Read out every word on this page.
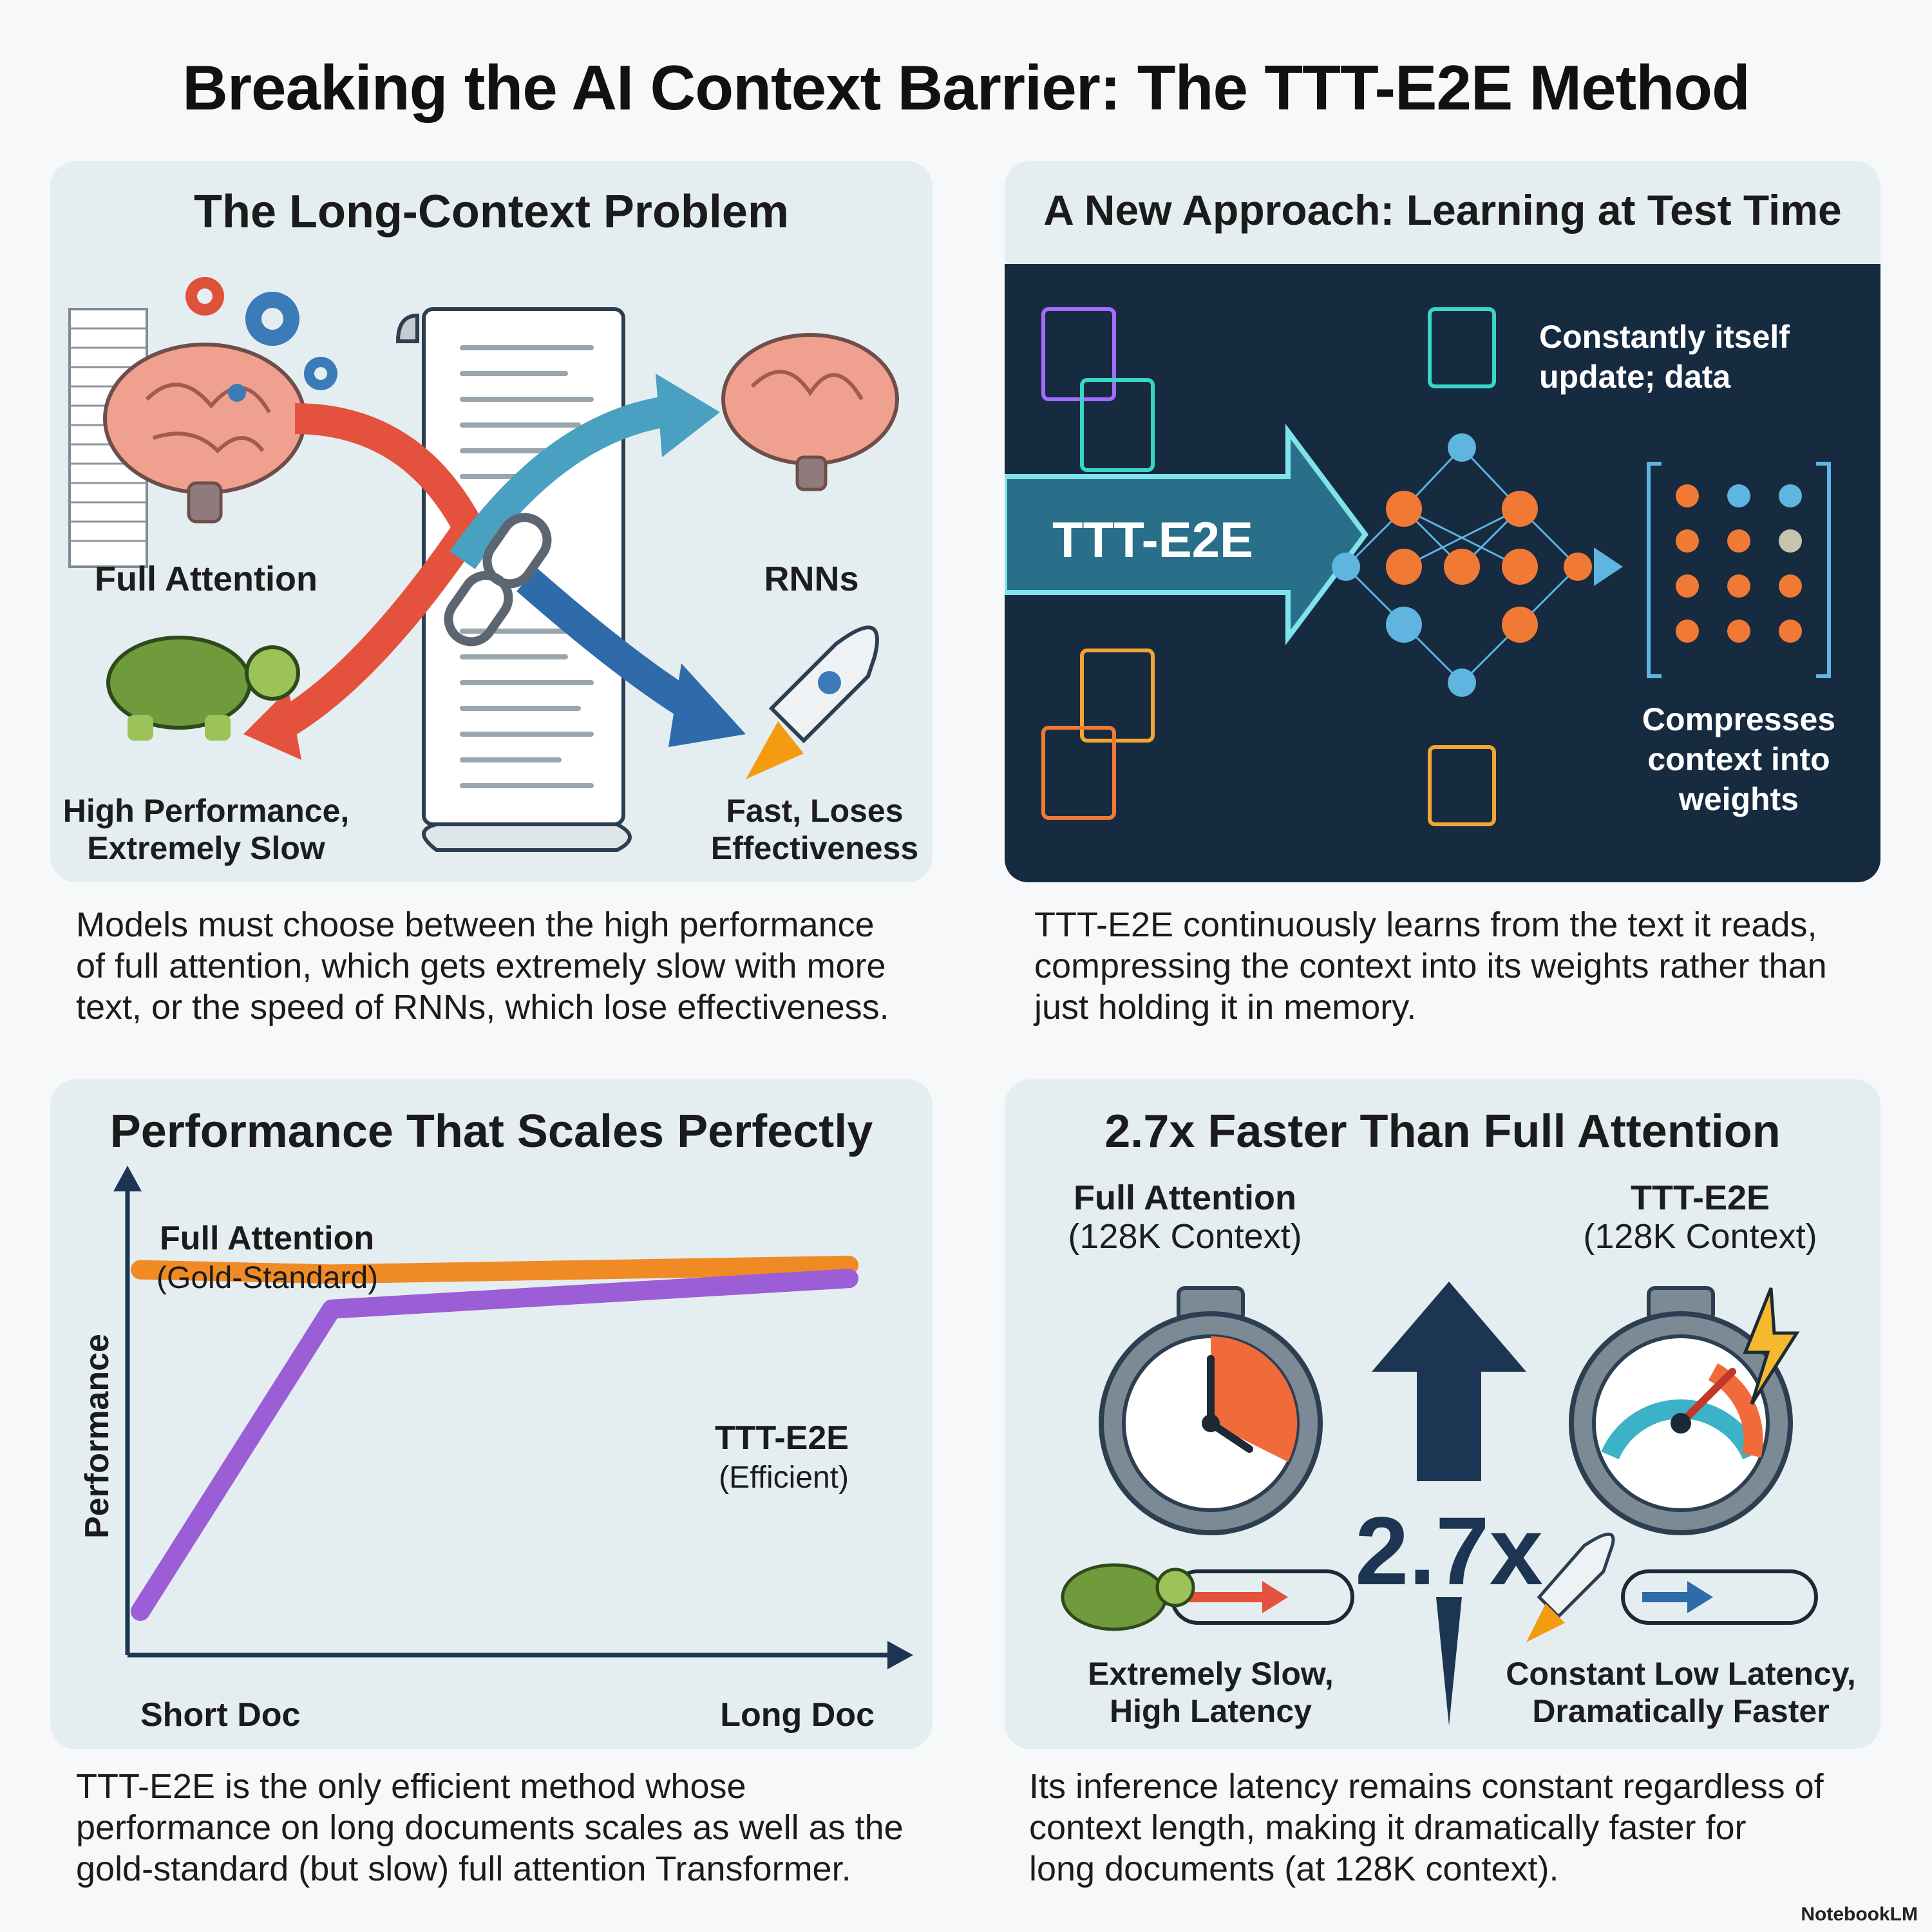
Breaking the AI Context Barrier: The TTT-E2E Method
The Long-Context Problem
Full Attention	RNNs
High Performance,
Extremely Slow
Fast, Loses
Effectiveness
Models must choose between the high performance
of full attention, which gets extremely slow with more
text, or the speed of RNNs, which lose effectiveness.
A New Approach: Learning at Test Time
TTT-E2E
Constantly itself update; data
Compresses context into weights
TTT-E2E continuously learns from the text it reads,
compressing the context into its weights rather than
just holding it in memory.
Performance That Scales Perfectly
Performance
Short Doc	Long Doc
Full Attention
(Gold-Standard)
TTT-E2E
(Efficient)
TTT-E2E is the only efficient method whose
performance on long documents scales as well as the
gold-standard (but slow) full attention Transformer.
2.7x Faster Than Full Attention
Full Attention
(128K Context)
TTT-E2E
(128K Context)
2.7x
Extremely Slow,
High Latency
Constant Low Latency,
Dramatically Faster
Its inference latency remains constant regardless of
context length, making it dramatically faster for
long documents (at 128K context).
NotebookLM
